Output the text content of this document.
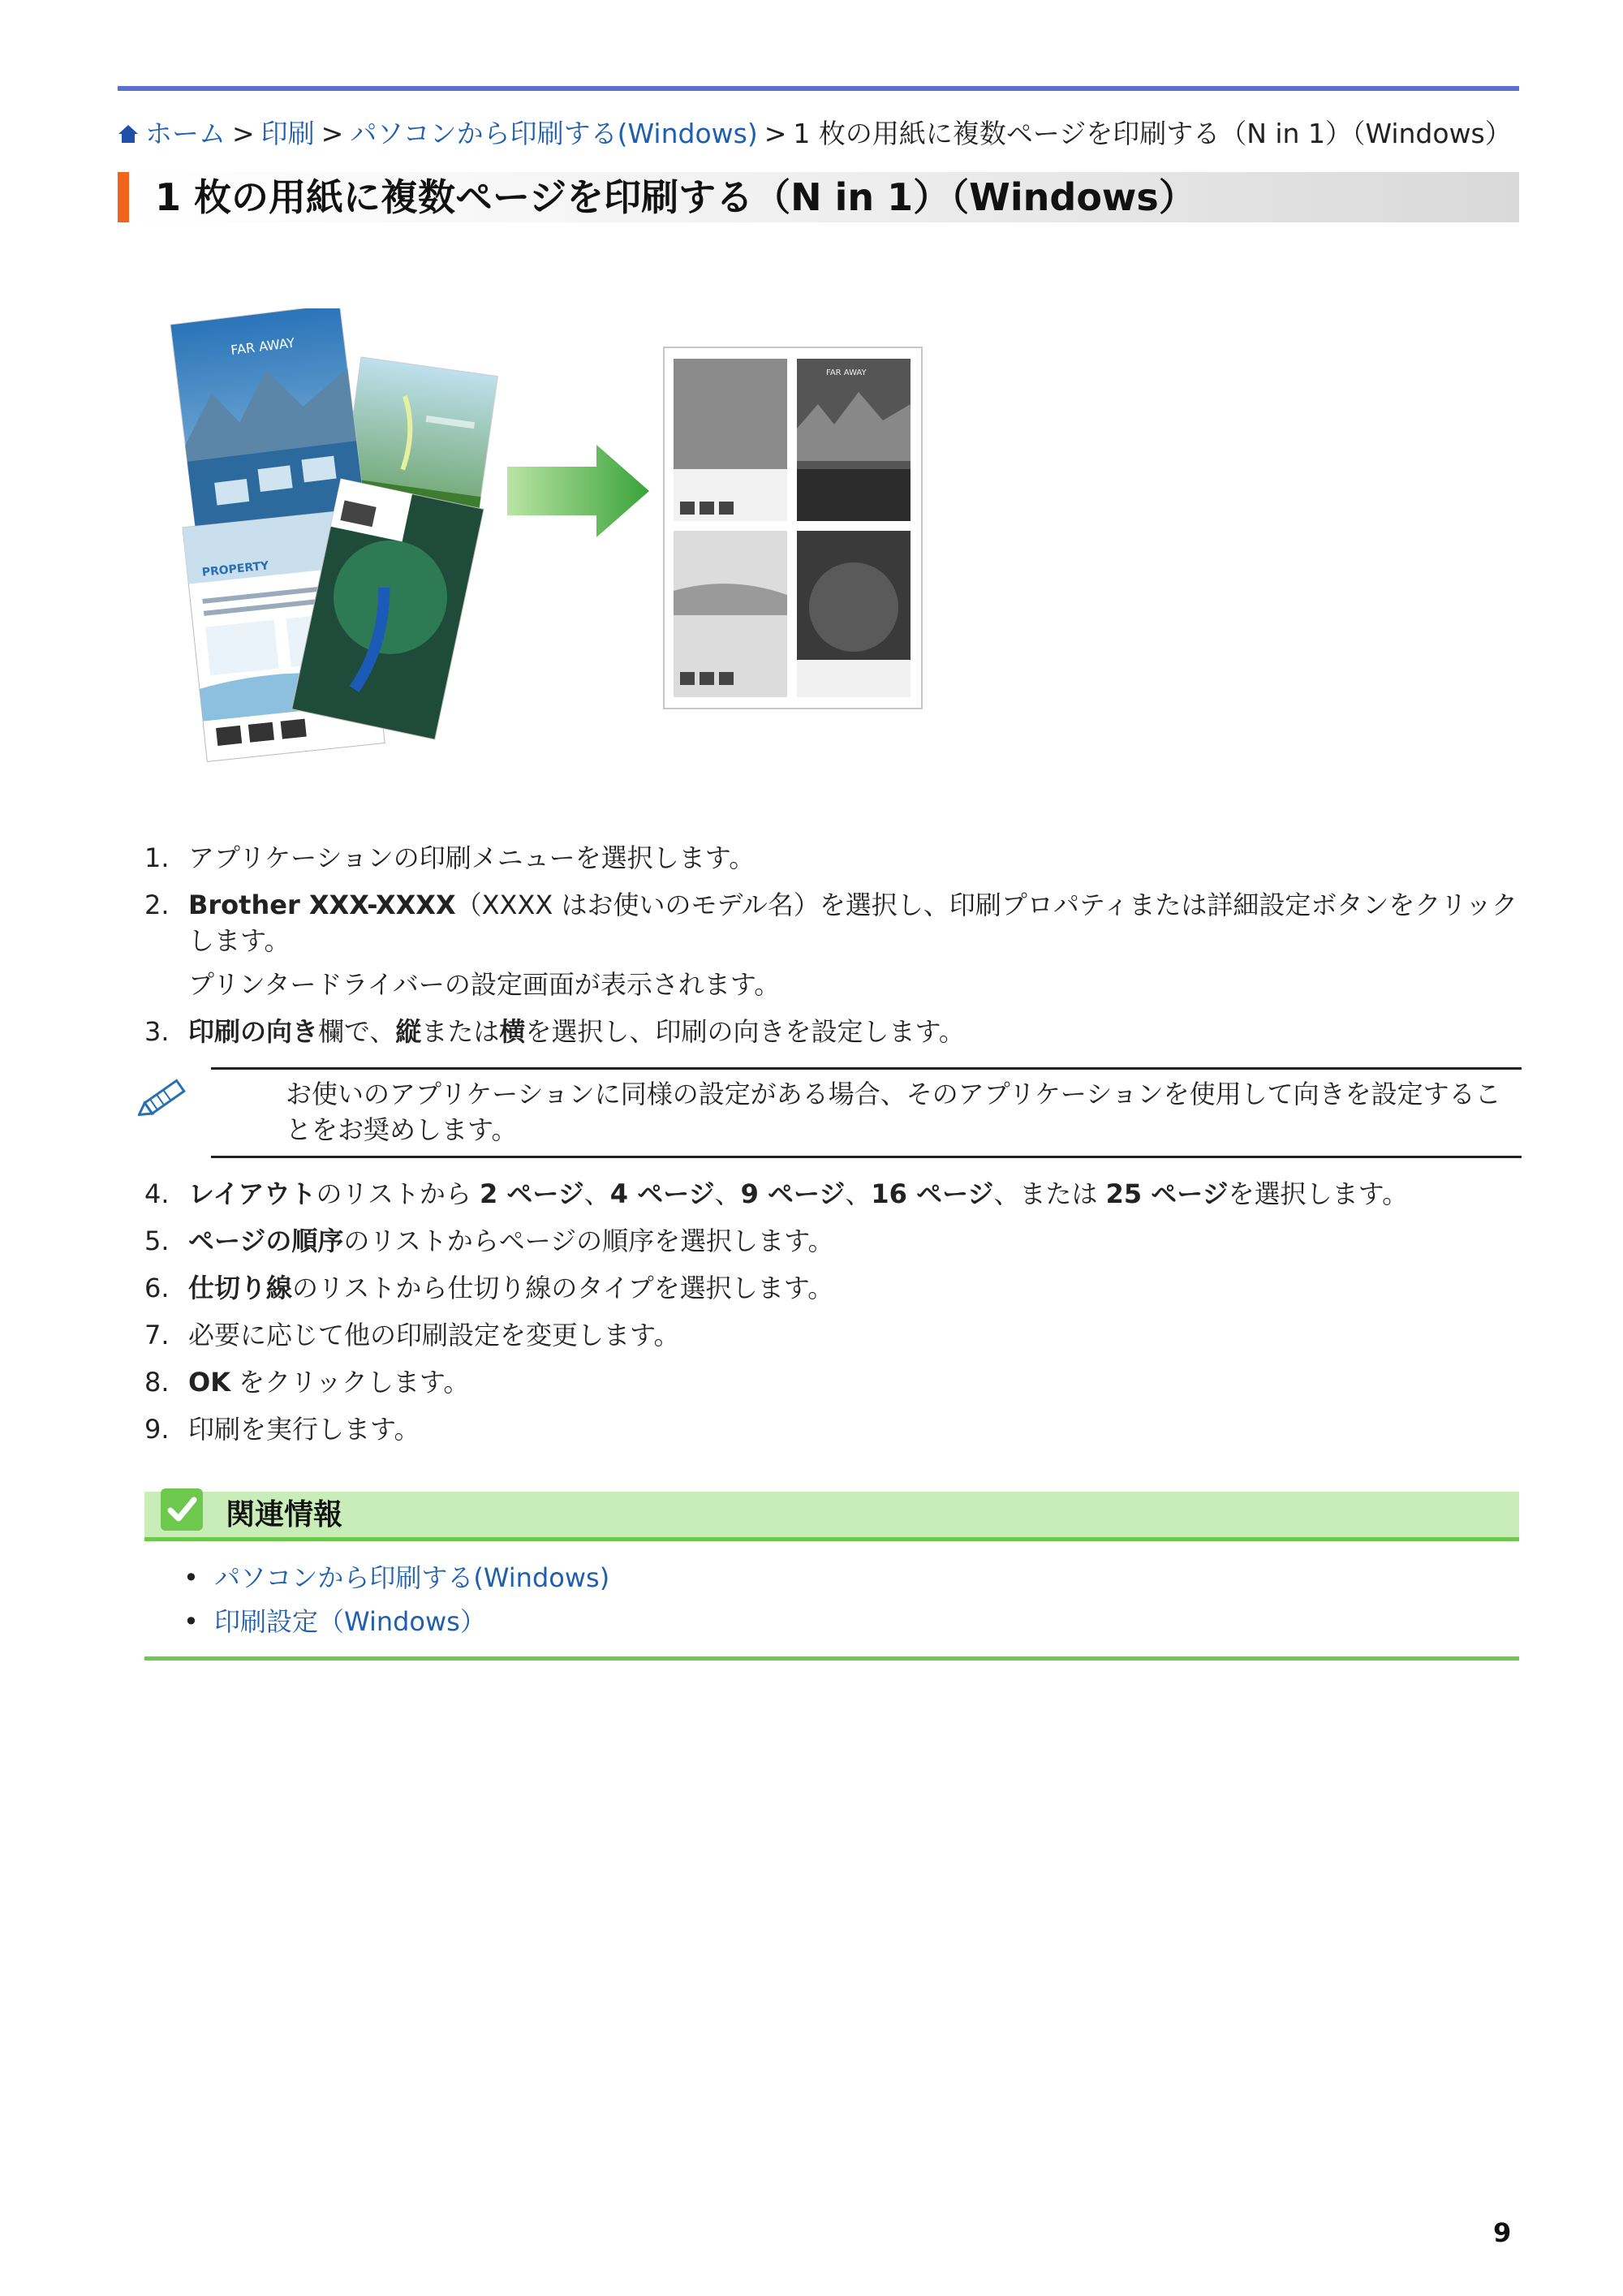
ホーム > 印刷 > パソコンから印刷する(Windows) > 1 枚の用紙に複数ページを印刷する（N in 1）（Windows）
1 枚の用紙に複数ページを印刷する（N in 1）（Windows）
FAR AWAY
PROPERTY
FAR AWAY
1. アプリケーションの印刷メニューを選択します。
2. Brother XXX-XXXX（XXXX はお使いのモデル名）を選択し、印刷プロパティまたは詳細設定ボタンをクリックします。
プリンタードライバーの設定画面が表示されます。
3. 印刷の向き欄で、縦または横を選択し、印刷の向きを設定します。
お使いのアプリケーションに同様の設定がある場合、そのアプリケーションを使用して向きを設定することをお奨めします。
4. レイアウトのリストから 2 ページ、4 ページ、9 ページ、16 ページ、または 25 ページを選択します。
5. ページの順序のリストからページの順序を選択します。
6. 仕切り線のリストから仕切り線のタイプを選択します。
7. 必要に応じて他の印刷設定を変更します。
8. OK をクリックします。
9. 印刷を実行します。
関連情報
• パソコンから印刷する(Windows)
• 印刷設定（Windows）
9
